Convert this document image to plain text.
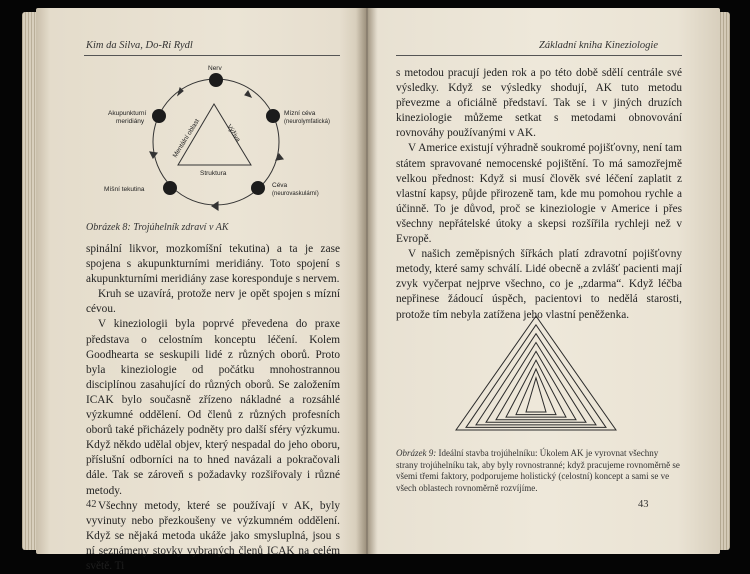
Kim da Silva, Do-Ri Rydl
Nerv
Mízní céva
(neurolymfatická)
Céva
(neurovaskulární)
Míšní tekutina
Akupunkturní
meridiány	Mentální oblast	Výživa
Struktura
Obrázek 8: Trojúhelník zdraví v AK

spinální likvor, mozkomíšní tekutina) a ta je zase spojena s akupunkturními meridiány. Toto spojení s akupunkturními meridiány zase koresponduje s nervem.

Kruh se uzavírá, protože nerv je opět spojen s mízní cévou.

V kineziologii byla poprvé převedena do praxe představa o celostním konceptu léčení. Kolem Goodhearta se seskupili lidé z různých oborů. Proto byla kineziologie od počátku mnohostrannou disciplínou zasahující do různých oborů. Se založením ICAK bylo současně zřízeno nákladné a rozsáhlé výzkumné oddělení. Od členů z různých profesních oborů také přicházely podněty pro další sféry výzkumu. Když někdo udělal objev, který nespadal do jeho oboru, příslušní odborníci na to hned navázali a pokračovali dále. Tak se zároveň s požadavky rozšiřovaly i různé metody.

Všechny metody, které se používají v AK, byly vyvinuty nebo přezkoušeny ve výzkumném oddělení. Když se nějaká metoda ukáže jako smysluplná, jsou s ní seznámeny stovky vybraných členů ICAK na celém světě. Ti

42
Základní kniha Kineziologie

s metodou pracují jeden rok a po této době sdělí centrále své výsledky. Když se výsledky shodují, AK tuto metodu převezme a oficiálně představí. Tak se i v jiných druzích kineziologie můžeme setkat s metodami obnovování rovnováhy používanými v AK.

V Americe existují výhradně soukromé pojišťovny, není tam státem spravované nemocenské pojištění. To má samozřejmě velkou přednost: Když si musí člověk své léčení zaplatit z vlastní kapsy, půjde přirozeně tam, kde mu pomohou rychle a účinně. To je důvod, proč se kineziologie v Americe i přes všechny nepřátelské útoky a skepsi rozšířila rychleji než v Evropě.

V našich zeměpisných šířkách platí zdravotní pojišťovny metody, které samy schválí. Lidé obecně a zvlášť pacienti mají zvyk vyčerpat nejprve všechno, co je „zdarma“. Když léčba nepřinese žádoucí úspěch, pacientovi to nedělá starosti, protože tím nebyla zatížena jeho vlastní peněženka.

Obrázek 9: Ideální stavba trojúhelníku: Úkolem AK je vyrovnat všechny strany trojúhelníku tak, aby byly rovnostranné; když pracujeme rovnoměrně se všemi třemi faktory, podporujeme holistický (celostní) koncept a sami se ve všech oblastech rovnoměrně rozvíjíme.
43
